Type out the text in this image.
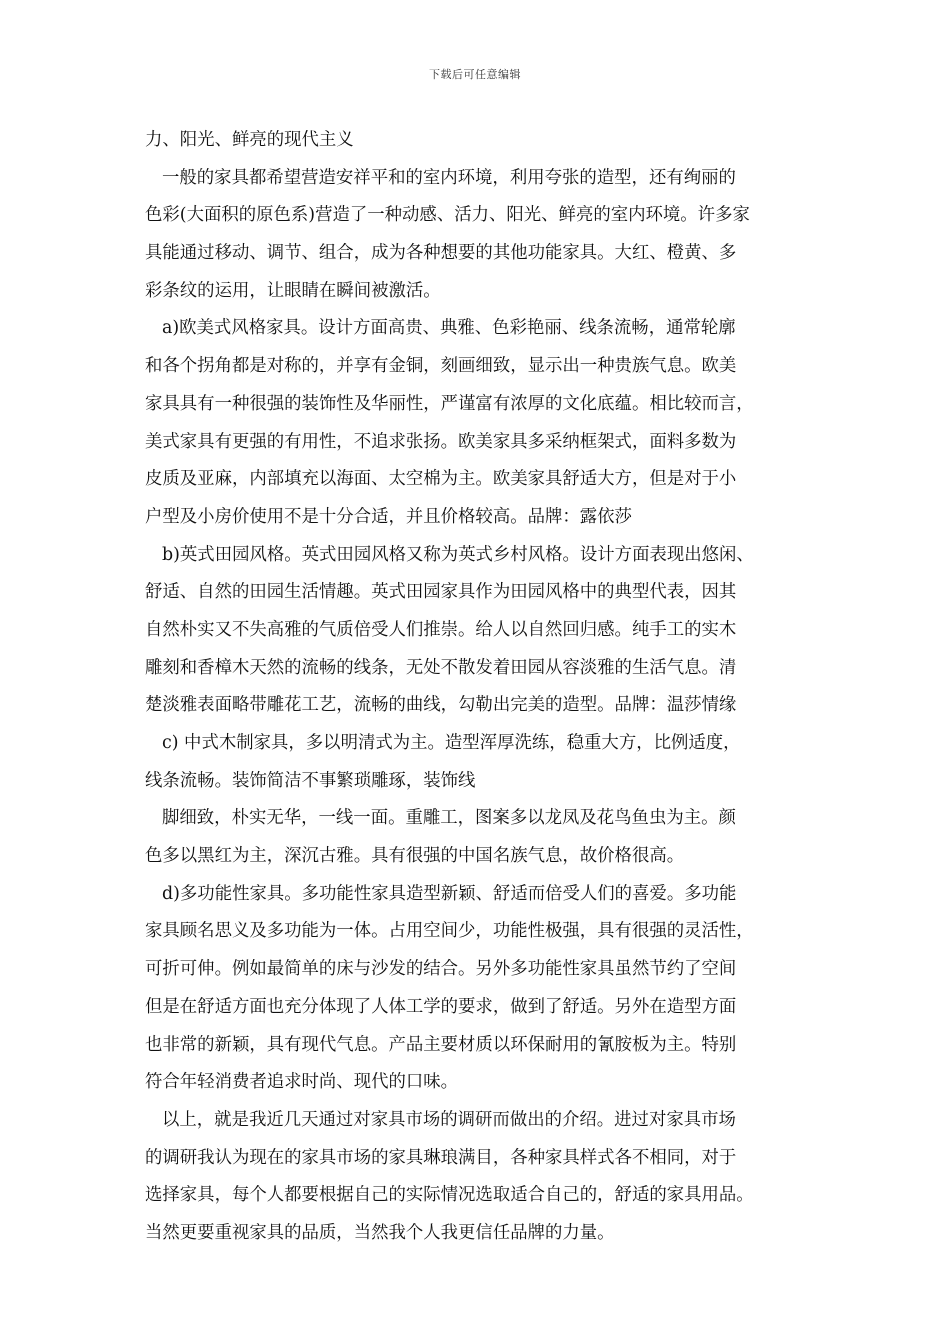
下载后可任意编辑
力、阳光、鲜亮的现代主义
一般的家具都希望营造安祥平和的室内环境，利用夸张的造型，还有绚丽的
色彩(大面积的原色系)营造了一种动感、活力、阳光、鲜亮的室内环境。许多家
具能通过移动、调节、组合，成为各种想要的其他功能家具。大红、橙黄、多
彩条纹的运用，让眼睛在瞬间被激活。
a)欧美式风格家具。设计方面高贵、典雅、色彩艳丽、线条流畅，通常轮廓
和各个拐角都是对称的，并享有金铜，刻画细致，显示出一种贵族气息。欧美
家具具有一种很强的装饰性及华丽性，严谨富有浓厚的文化底蕴。相比较而言，
美式家具有更强的有用性，不追求张扬。欧美家具多采纳框架式，面料多数为
皮质及亚麻，内部填充以海面、太空棉为主。欧美家具舒适大方，但是对于小
户型及小房价使用不是十分合适，并且价格较高。品牌：露依莎
b)英式田园风格。英式田园风格又称为英式乡村风格。设计方面表现出悠闲、
舒适、自然的田园生活情趣。英式田园家具作为田园风格中的典型代表，因其
自然朴实又不失高雅的气质倍受人们推崇。给人以自然回归感。纯手工的实木
雕刻和香樟木天然的流畅的线条，无处不散发着田园从容淡雅的生活气息。清
楚淡雅表面略带雕花工艺，流畅的曲线，勾勒出完美的造型。品牌：温莎情缘
c) 中式木制家具，多以明清式为主。造型浑厚洗练，稳重大方，比例适度，
线条流畅。装饰简洁不事繁琐雕琢，装饰线
脚细致，朴实无华，一线一面。重雕工，图案多以龙凤及花鸟鱼虫为主。颜
色多以黑红为主，深沉古雅。具有很强的中国名族气息，故价格很高。
d)多功能性家具。多功能性家具造型新颖、舒适而倍受人们的喜爱。多功能
家具顾名思义及多功能为一体。占用空间少，功能性极强，具有很强的灵活性，
可折可伸。例如最简单的床与沙发的结合。另外多功能性家具虽然节约了空间
但是在舒适方面也充分体现了人体工学的要求，做到了舒适。另外在造型方面
也非常的新颖，具有现代气息。产品主要材质以环保耐用的氰胺板为主。特别
符合年轻消费者追求时尚、现代的口味。
以上，就是我近几天通过对家具市场的调研而做出的介绍。进过对家具市场
的调研我认为现在的家具市场的家具琳琅满目，各种家具样式各不相同，对于
选择家具，每个人都要根据自己的实际情况选取适合自己的，舒适的家具用品。
当然更要重视家具的品质，当然我个人我更信任品牌的力量。
